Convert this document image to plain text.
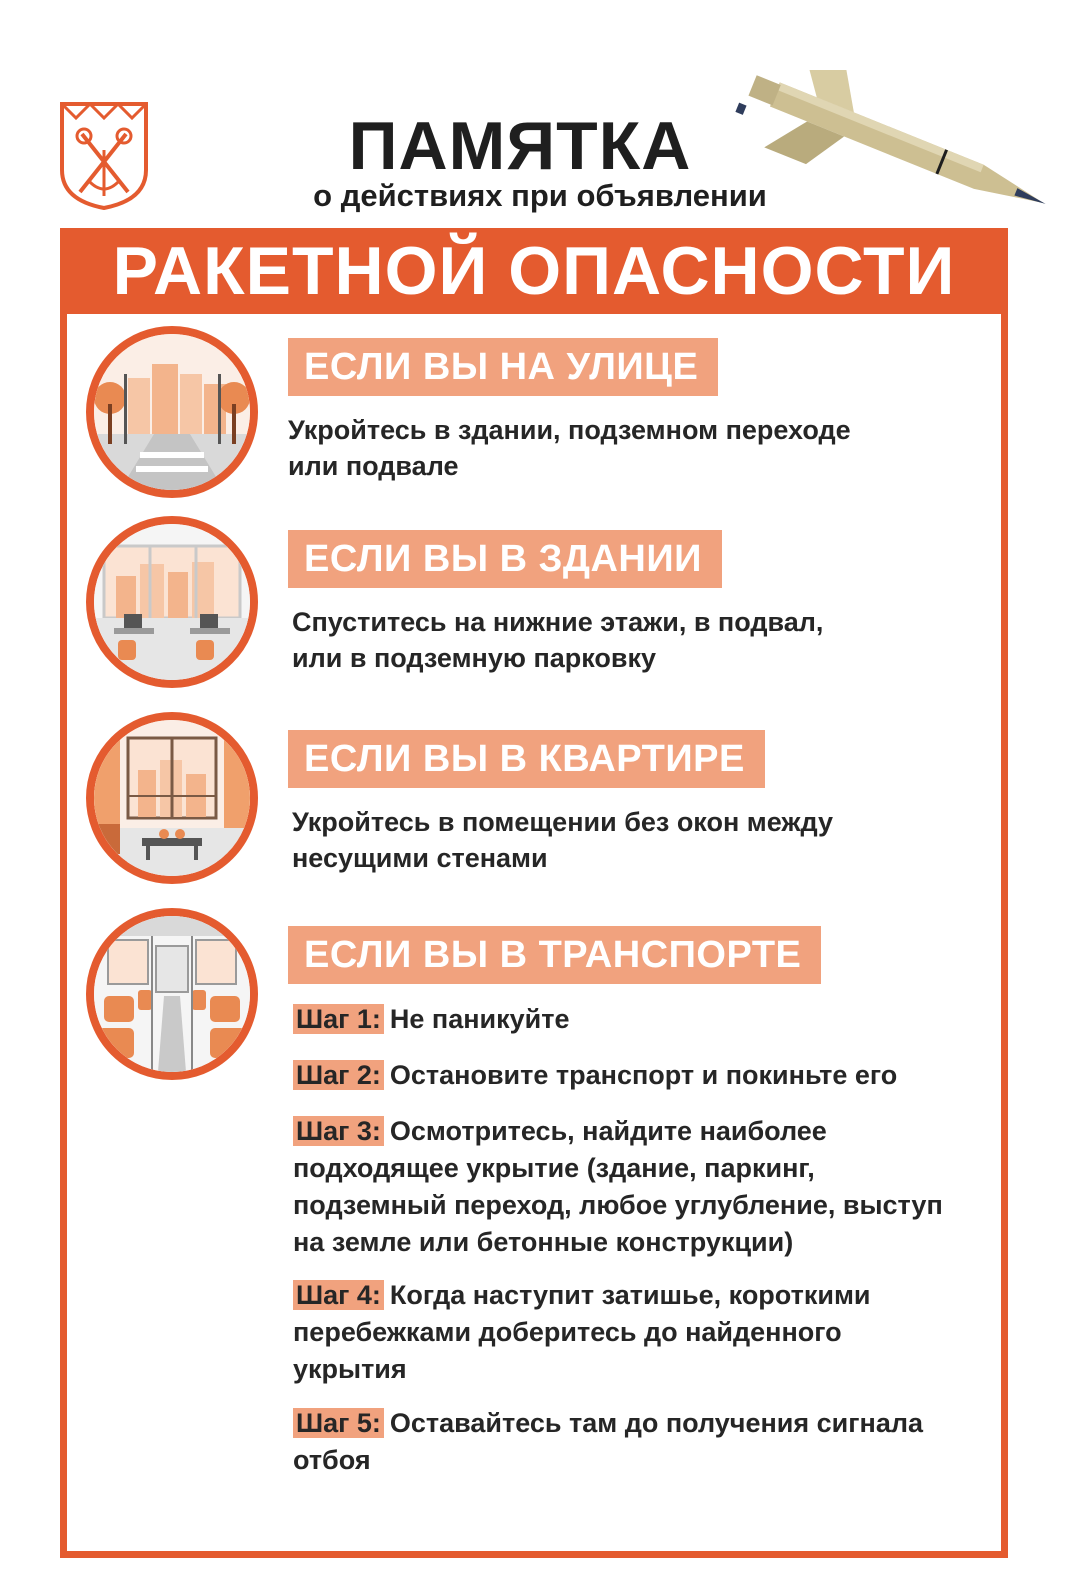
ПАМЯТКА
о действиях при объявлении
РАКЕТНОЙ ОПАСНОСТИ
ЕСЛИ ВЫ НА УЛИЦЕ
Укройтесь в здании, подземном переходе
или подвале
ЕСЛИ ВЫ В ЗДАНИИ
Спуститесь на нижние этажи, в подвал,
или в подземную парковку
ЕСЛИ ВЫ В КВАРТИРЕ
Укройтесь в помещении без окон между
несущими стенами
ЕСЛИ ВЫ В ТРАНСПОРТЕ
Шаг 1: Не паникуйте
Шаг 2: Остановите транспорт и покиньте его
Шаг 3: Осмотритесь, найдите наиболее
подходящее укрытие (здание, паркинг,
подземный переход, любое углубление, выступ
на земле или бетонные конструкции)
Шаг 4: Когда наступит затишье, короткими
перебежками доберитесь до найденного
укрытия
Шаг 5: Оставайтесь там до получения сигнала
отбоя
